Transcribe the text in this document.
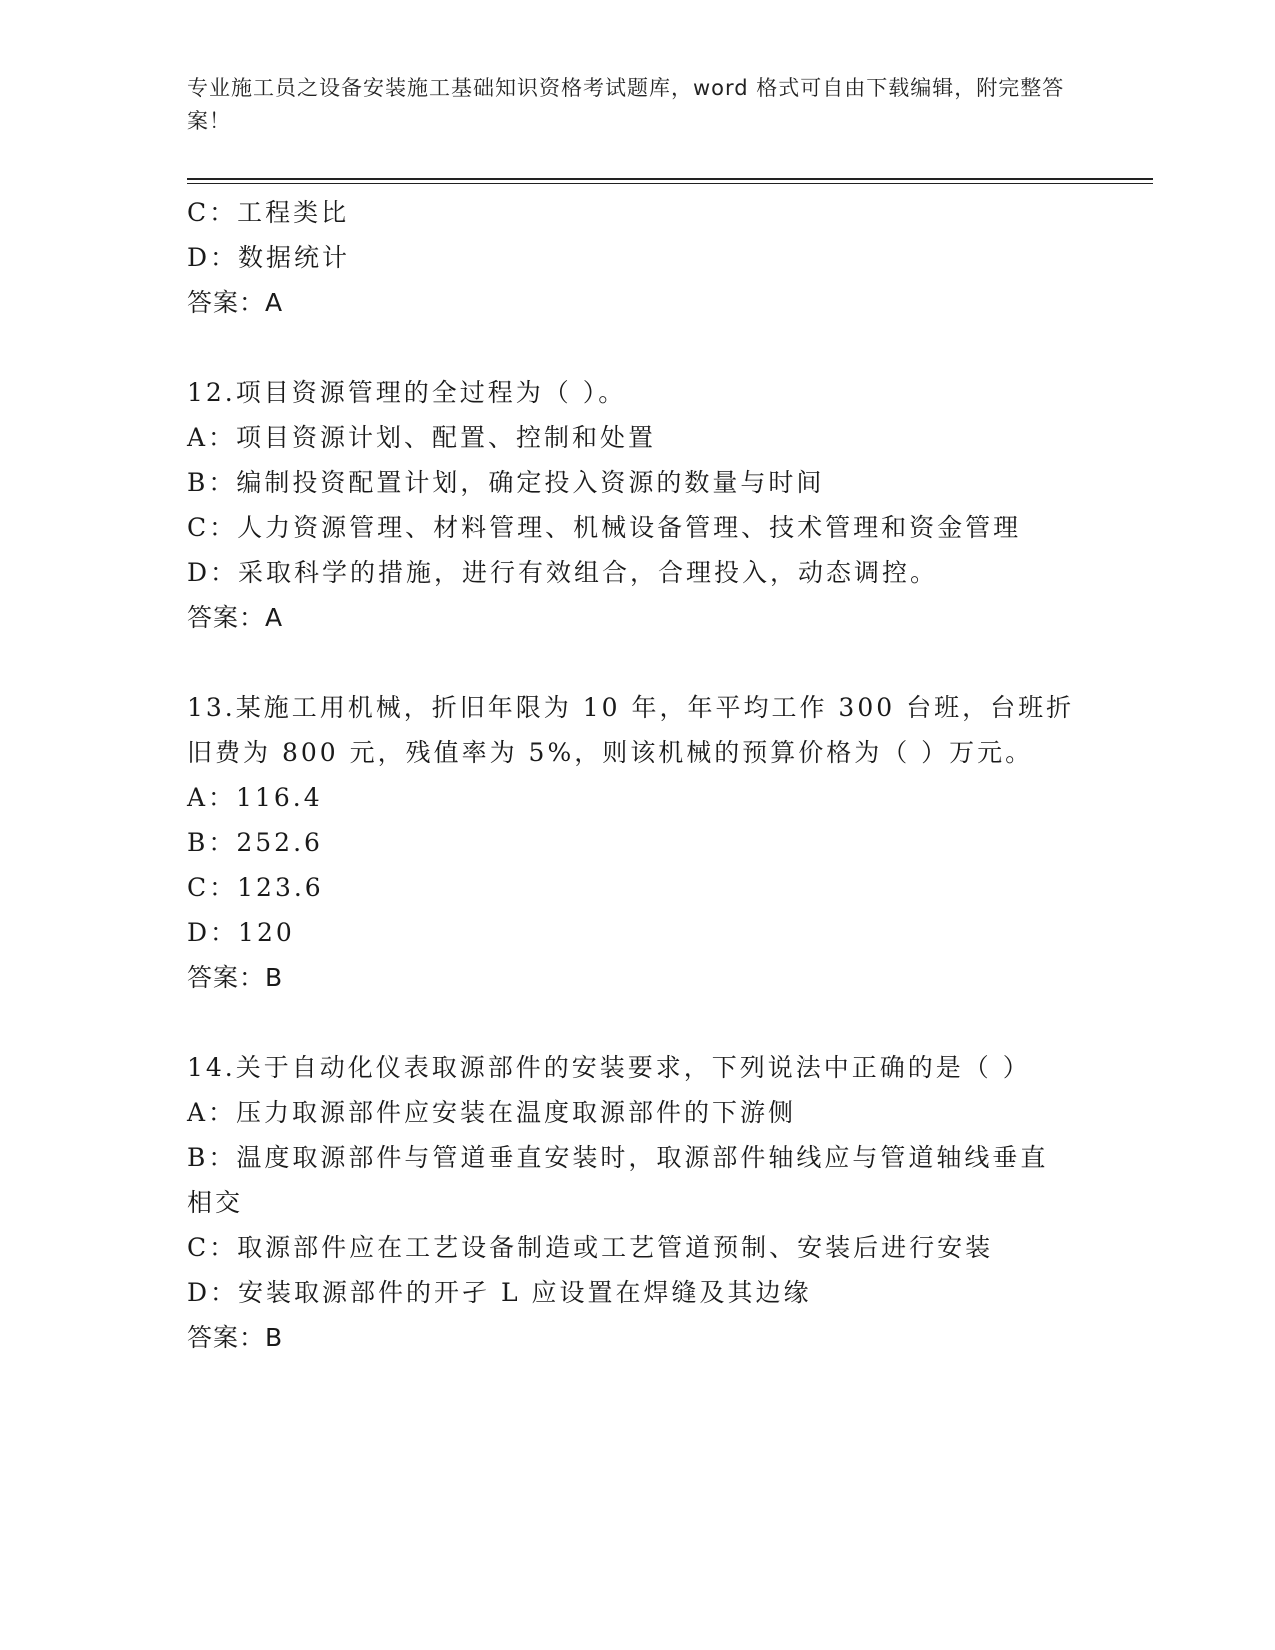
专业施工员之设备安装施工基础知识资格考试题库，word 格式可自由下载编辑，附完整答案！
C：工程类比
D：数据统计
答案：A
12.项目资源管理的全过程为（ ）。
A：项目资源计划、配置、控制和处置
B：编制投资配置计划，确定投入资源的数量与时间
C：人力资源管理、材料管理、机械设备管理、技术管理和资金管理
D：采取科学的措施，进行有效组合，合理投入，动态调控。
答案：A
13.某施工用机械，折旧年限为 10 年，年平均工作 300 台班，台班折
旧费为 800 元，残值率为 5%，则该机械的预算价格为（ ）万元。
A：116.4
B：252.6
C：123.6
D：120
答案：B
14.关于自动化仪表取源部件的安装要求，下列说法中正确的是（ ）
A：压力取源部件应安装在温度取源部件的下游侧
B：温度取源部件与管道垂直安装时，取源部件轴线应与管道轴线垂直
相交
C：取源部件应在工艺设备制造或工艺管道预制、安装后进行安装
D：安装取源部件的开孑 L 应设置在焊缝及其边缘
答案：B
